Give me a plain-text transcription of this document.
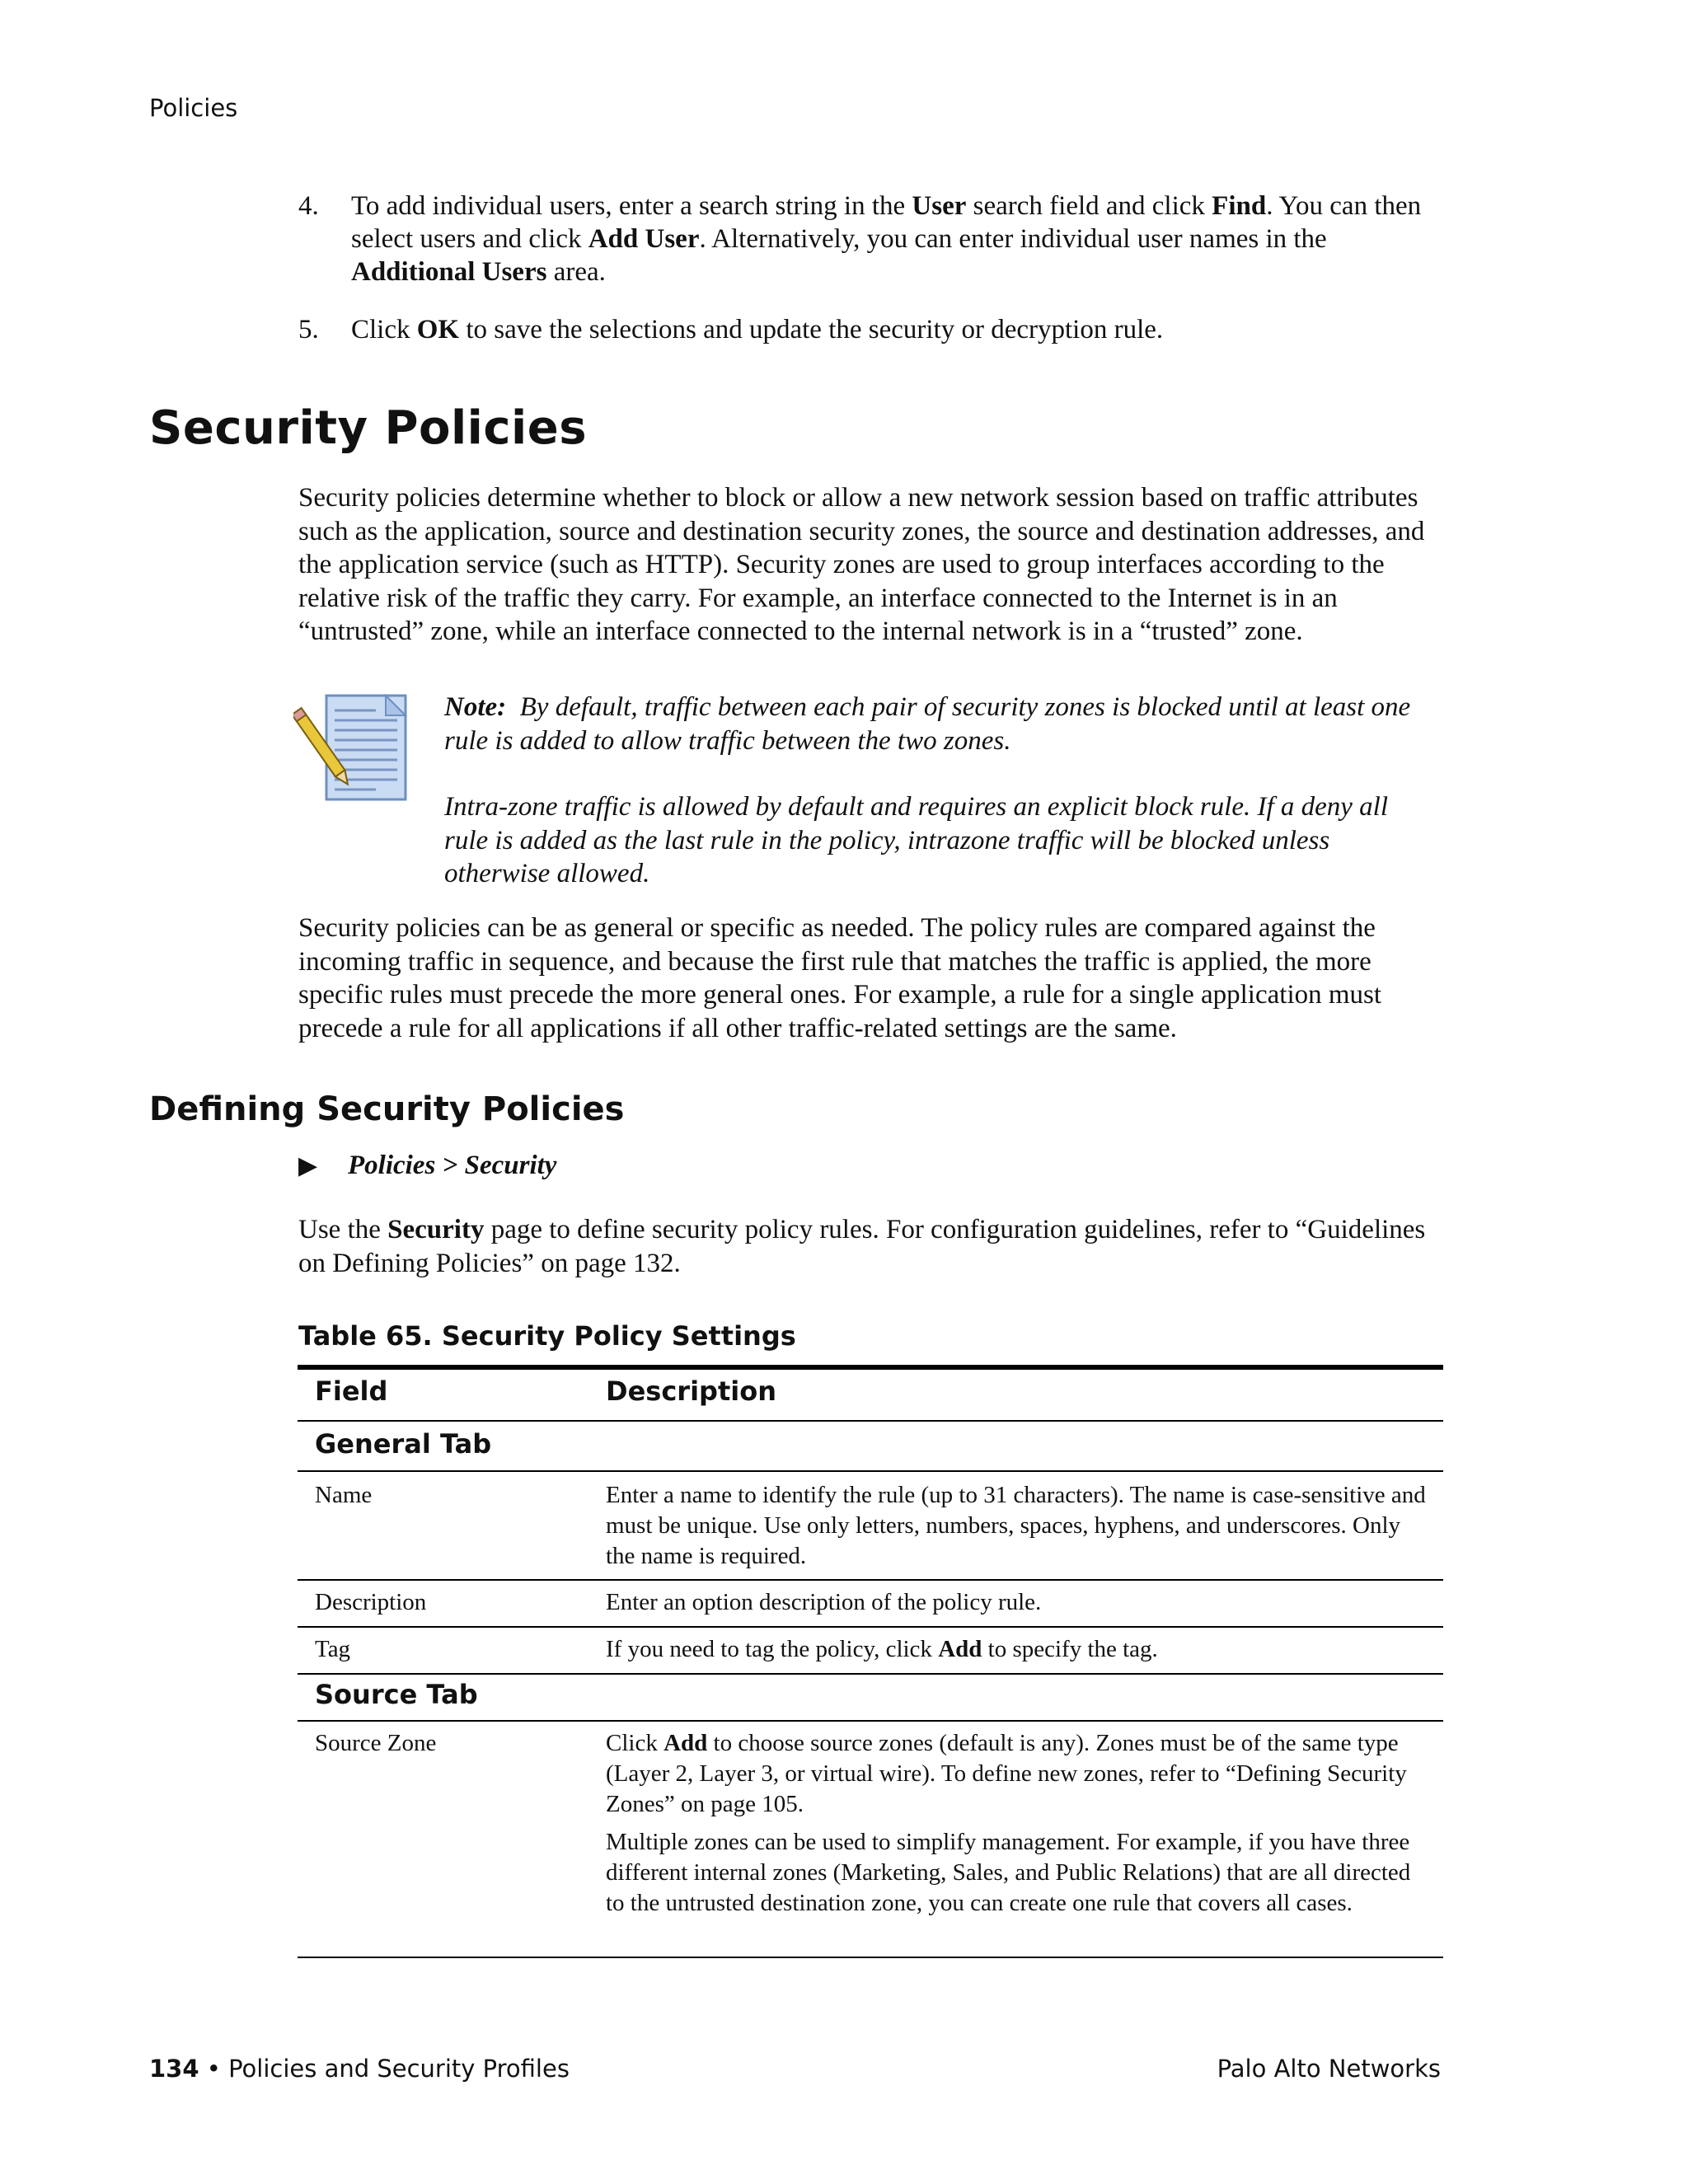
Policies
4. To add individual users, enter a search string in the User search field and click Find. You can then select users and click Add User. Alternatively, you can enter individual user names in the Additional Users area.
5. Click OK to save the selections and update the security or decryption rule.
Security Policies
Security policies determine whether to block or allow a new network session based on traffic attributes such as the application, source and destination security zones, the source and destination addresses, and the application service (such as HTTP). Security zones are used to group interfaces according to the relative risk of the traffic they carry. For example, an interface connected to the Internet is in an “untrusted” zone, while an interface connected to the internal network is in a “trusted” zone.
Note: By default, traffic between each pair of security zones is blocked until at least one rule is added to allow traffic between the two zones.
Intra-zone traffic is allowed by default and requires an explicit block rule. If a deny all rule is added as the last rule in the policy, intrazone traffic will be blocked unless otherwise allowed.
Security policies can be as general or specific as needed. The policy rules are compared against the incoming traffic in sequence, and because the first rule that matches the traffic is applied, the more specific rules must precede the more general ones. For example, a rule for a single application must precede a rule for all applications if all other traffic-related settings are the same.
Defining Security Policies
▶ Policies > Security
Use the Security page to define security policy rules. For configuration guidelines, refer to “Guidelines on Defining Policies” on page 132.
Table 65. Security Policy Settings
Field	Description
General Tab
Name	Enter a name to identify the rule (up to 31 characters). The name is case-sensitive and must be unique. Use only letters, numbers, spaces, hyphens, and underscores. Only the name is required.
Description	Enter an option description of the policy rule.
Tag	If you need to tag the policy, click Add to specify the tag.
Source Tab
Source Zone	Click Add to choose source zones (default is any). Zones must be of the same type (Layer 2, Layer 3, or virtual wire). To define new zones, refer to “Defining Security Zones” on page 105.
Multiple zones can be used to simplify management. For example, if you have three different internal zones (Marketing, Sales, and Public Relations) that are all directed to the untrusted destination zone, you can create one rule that covers all cases.
134 • Policies and Security Profiles	Palo Alto Networks
